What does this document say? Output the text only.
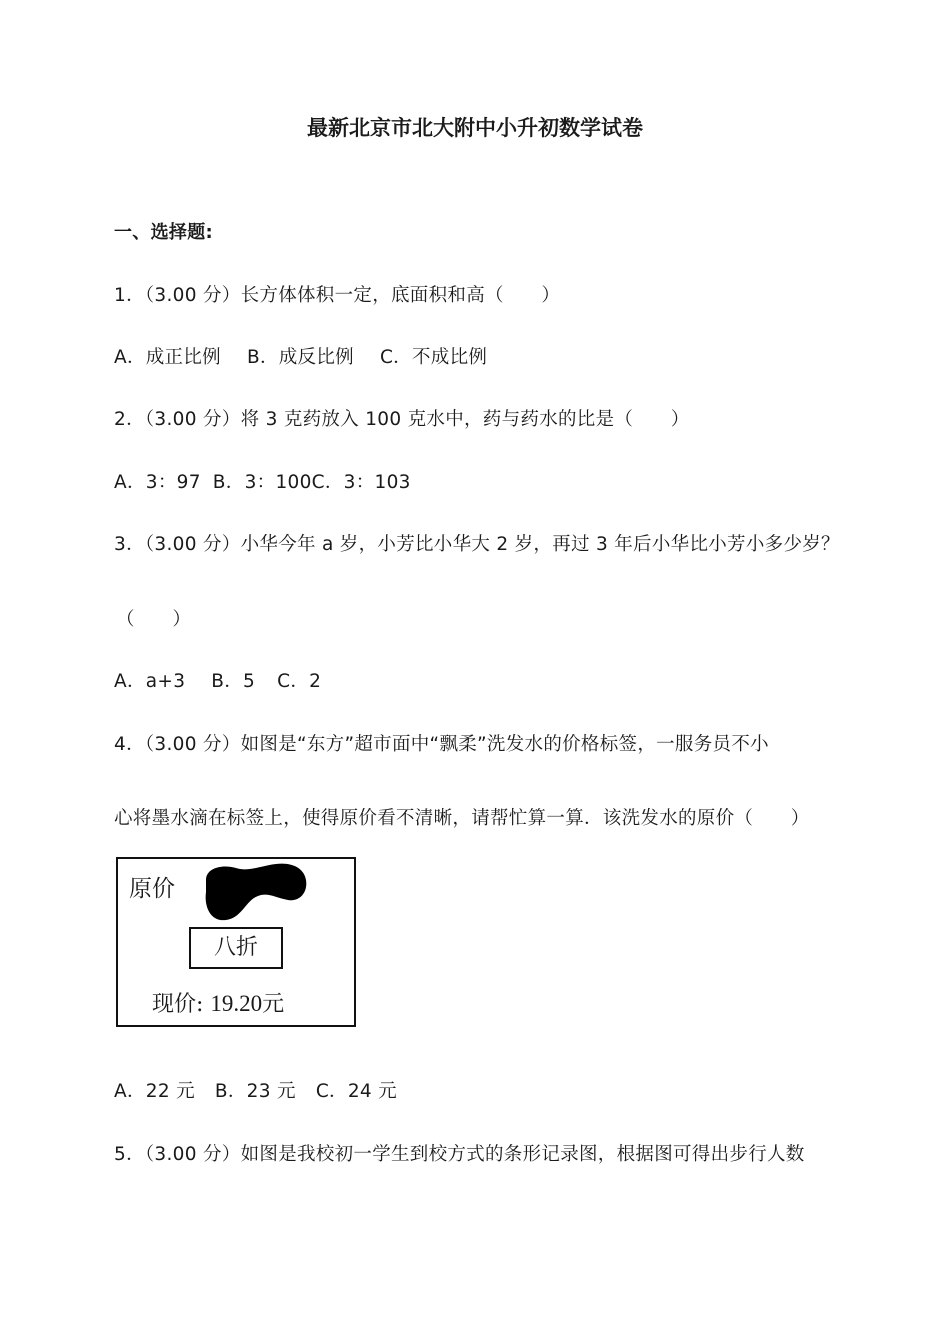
最新北京市北大附中小升初数学试卷
一、选择题:
1．（3.00 分）长方体体积一定，底面积和高（　　）
A．成正比例 B．成反比例 C．不成比例
2．（3.00 分）将 3 克药放入 100 克水中，药与药水的比是（　　）
A．3：97 B．3：100C．3：103
3．（3.00 分）小华今年 a 岁，小芳比小华大 2 岁，再过 3 年后小华比小芳小多少岁？
（　　）
A．a+3 B．5 C．2
4．（3.00 分）如图是“东方”超市面中“飘柔”洗发水的价格标签，一服务员不小
心将墨水滴在标签上，使得原价看不清晰，请帮忙算一算．该洗发水的原价（　　）
原价
八折
现价: 19.20元
A．22 元 B．23 元 C．24 元
5．（3.00 分）如图是我校初一学生到校方式的条形记录图，根据图可得出步行人数
